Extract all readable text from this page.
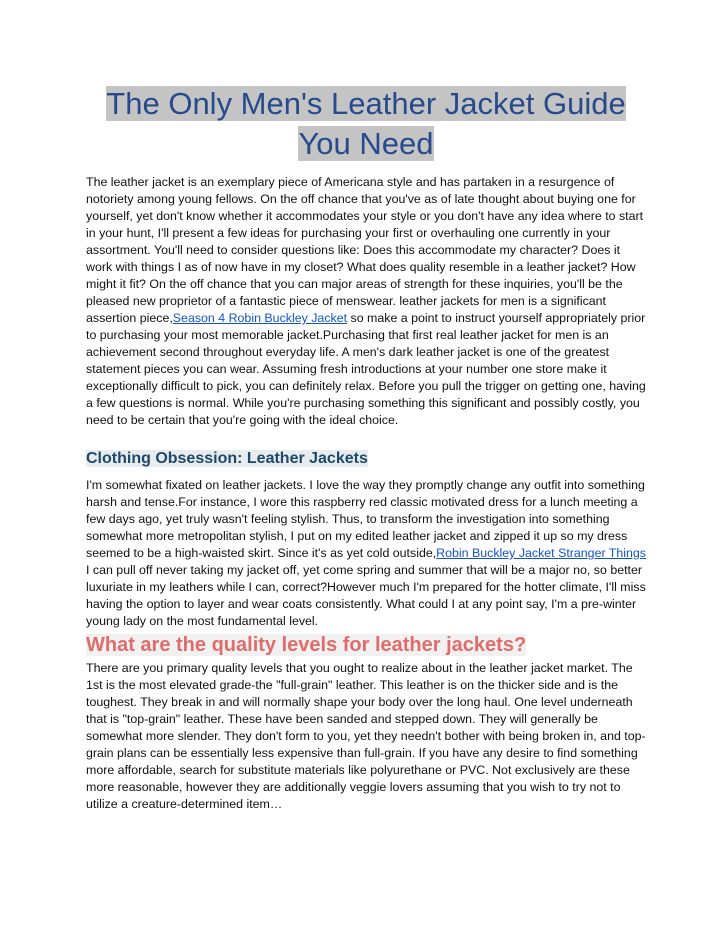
The Only Men's Leather Jacket Guide
You Need

The leather jacket is an exemplary piece of Americana style and has partaken in a resurgence of notoriety among young fellows. On the off chance that you've as of late thought about buying one for yourself, yet don't know whether it accommodates your style or you don't have any idea where to start in your hunt, I'll present a few ideas for purchasing your first or overhauling one currently in your assortment. You'll need to consider questions like: Does this accommodate my character? Does it work with things I as of now have in my closet? What does quality resemble in a leather jacket? How might it fit? On the off chance that you can major areas of strength for these inquiries, you'll be the pleased new proprietor of a fantastic piece of menswear. leather jackets for men is a significant assertion piece,Season 4 Robin Buckley Jacket so make a point to instruct yourself appropriately prior to purchasing your most memorable jacket.Purchasing that first real leather jacket for men is an achievement second throughout everyday life. A men's dark leather jacket is one of the greatest statement pieces you can wear. Assuming fresh introductions at your number one store make it exceptionally difficult to pick, you can definitely relax. Before you pull the trigger on getting one, having a few questions is normal. While you're purchasing something this significant and possibly costly, you need to be certain that you're going with the ideal choice.

Clothing Obsession: Leather Jackets

I'm somewhat fixated on leather jackets. I love the way they promptly change any outfit into something harsh and tense.For instance, I wore this raspberry red classic motivated dress for a lunch meeting a few days ago, yet truly wasn't feeling stylish. Thus, to transform the investigation into something somewhat more metropolitan stylish, I put on my edited leather jacket and zipped it up so my dress seemed to be a high-waisted skirt. Since it's as yet cold outside,Robin Buckley Jacket Stranger Things I can pull off never taking my jacket off, yet come spring and summer that will be a major no, so better luxuriate in my leathers while I can, correct?However much I'm prepared for the hotter climate, I'll miss having the option to layer and wear coats consistently. What could I at any point say, I'm a pre-winter young lady on the most fundamental level.

What are the quality levels for leather jackets?

There are you primary quality levels that you ought to realize about in the leather jacket market. The 1st is the most elevated grade-the "full-grain" leather. This leather is on the thicker side and is the toughest. They break in and will normally shape your body over the long haul. One level underneath that is "top-grain" leather. These have been sanded and stepped down. They will generally be somewhat more slender. They don't form to you, yet they needn't bother with being broken in, and top-grain plans can be essentially less expensive than full-grain. If you have any desire to find something more affordable, search for substitute materials like polyurethane or PVC. Not exclusively are these more reasonable, however they are additionally veggie lovers assuming that you wish to try not to utilize a creature-determined item…
